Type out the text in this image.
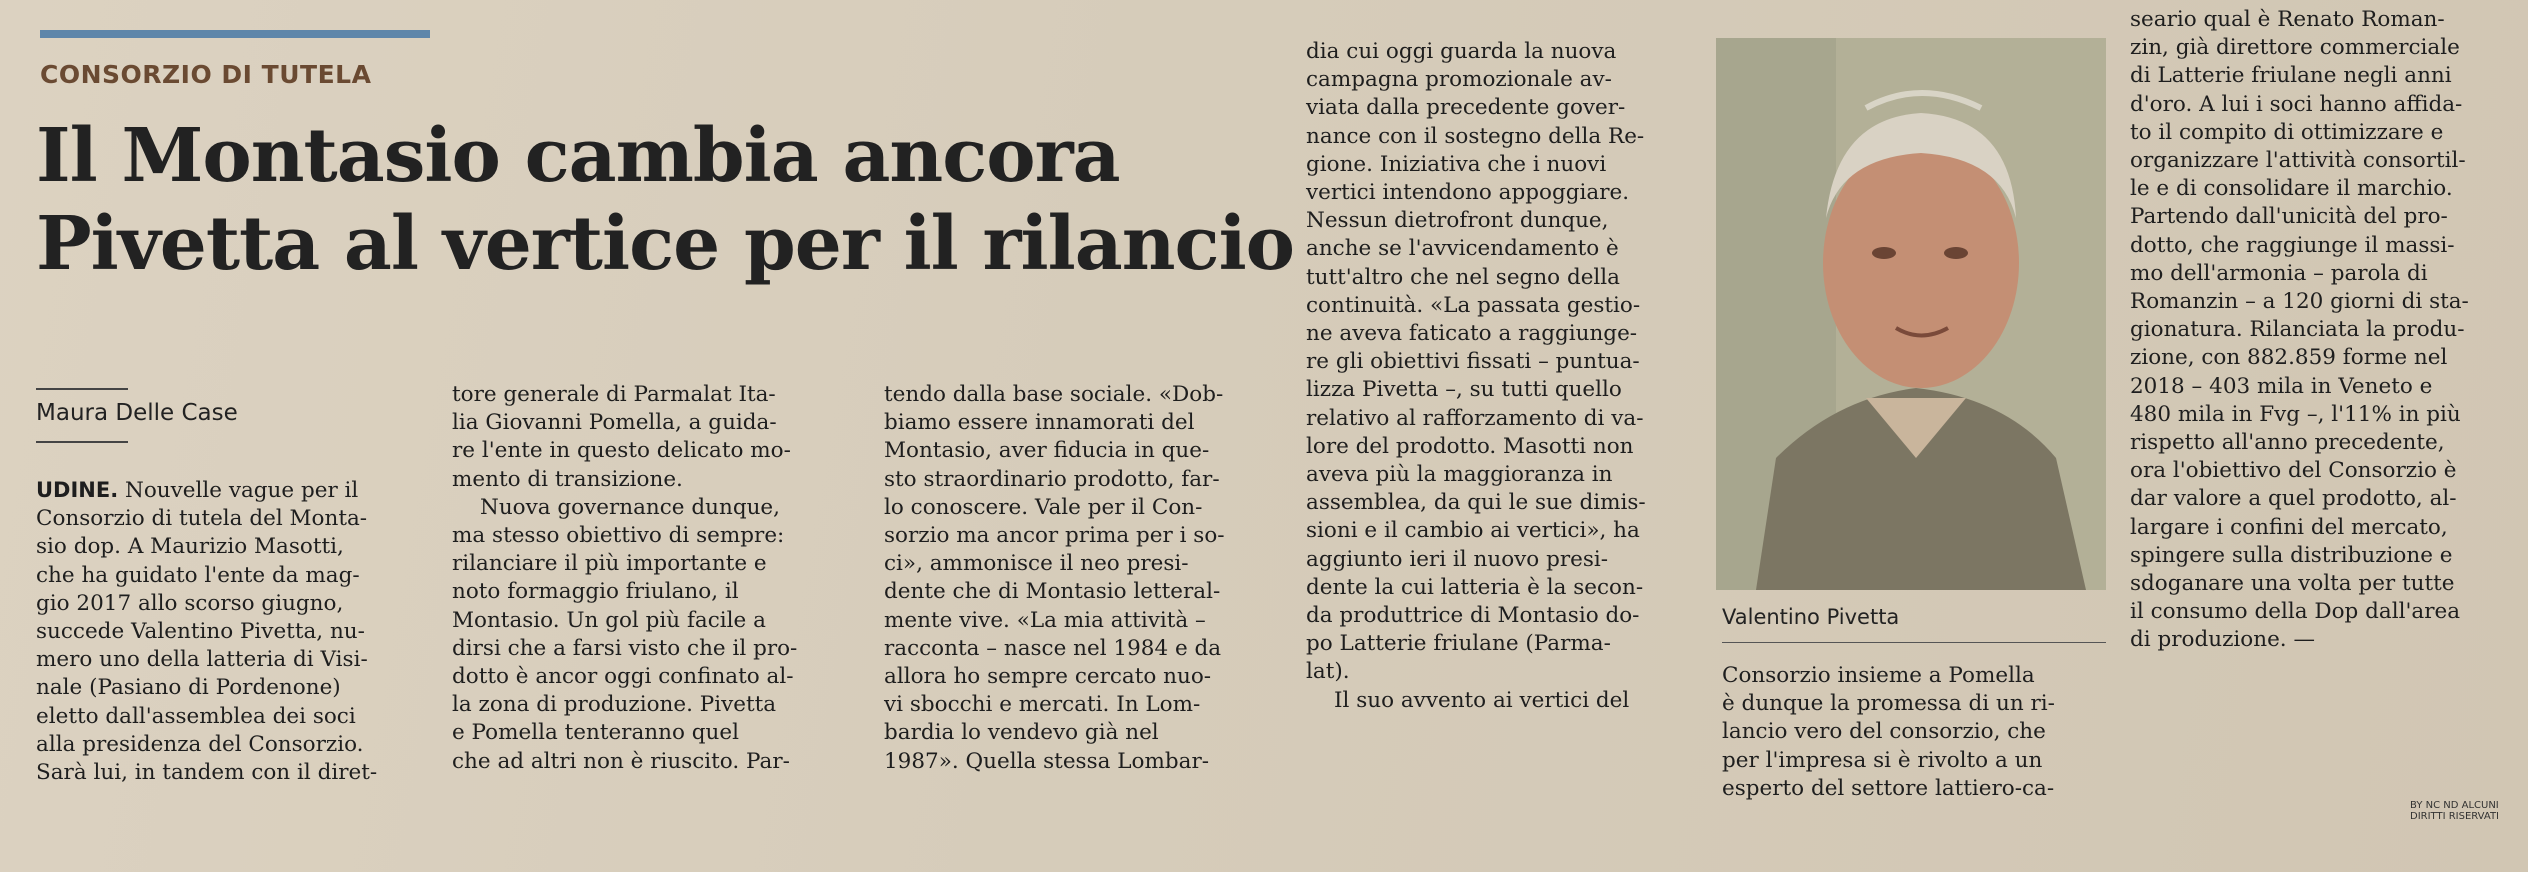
CONSORZIO DI TUTELA
Il Montasio cambia ancora
Pivetta al vertice per il rilancio
Maura Delle Case
UDINE. Nouvelle vague per il
Consorzio di tutela del Monta-
sio dop. A Maurizio Masotti,
che ha guidato l'ente da mag-
gio 2017 allo scorso giugno,
succede Valentino Pivetta, nu-
mero uno della latteria di Visi-
nale (Pasiano di Pordenone)
eletto dall'assemblea dei soci
alla presidenza del Consorzio.
Sarà lui, in tandem con il diret-
tore generale di Parmalat Ita-
lia Giovanni Pomella, a guida-
re l'ente in questo delicato mo-
mento di transizione.
Nuova governance dunque,
ma stesso obiettivo di sempre:
rilanciare il più importante e
noto formaggio friulano, il
Montasio. Un gol più facile a
dirsi che a farsi visto che il pro-
dotto è ancor oggi confinato al-
la zona di produzione. Pivetta
e Pomella tenteranno quel
che ad altri non è riuscito. Par-
tendo dalla base sociale. «Dob-
biamo essere innamorati del
Montasio, aver fiducia in que-
sto straordinario prodotto, far-
lo conoscere. Vale per il Con-
sorzio ma ancor prima per i so-
ci», ammonisce il neo presi-
dente che di Montasio letteral-
mente vive. «La mia attività –
racconta – nasce nel 1984 e da
allora ho sempre cercato nuo-
vi sbocchi e mercati. In Lom-
bardia lo vendevo già nel
1987». Quella stessa Lombar-
dia cui oggi guarda la nuova
campagna promozionale av-
viata dalla precedente gover-
nance con il sostegno della Re-
gione. Iniziativa che i nuovi
vertici intendono appoggiare.
Nessun dietrofront dunque,
anche se l'avvicendamento è
tutt'altro che nel segno della
continuità. «La passata gestio-
ne aveva faticato a raggiunge-
re gli obiettivi fissati – puntua-
lizza Pivetta –, su tutti quello
relativo al rafforzamento di va-
lore del prodotto. Masotti non
aveva più la maggioranza in
assemblea, da qui le sue dimis-
sioni e il cambio ai vertici», ha
aggiunto ieri il nuovo presi-
dente la cui latteria è la secon-
da produttrice di Montasio do-
po Latterie friulane (Parma-
lat).
Il suo avvento ai vertici del
Valentino Pivetta
Consorzio insieme a Pomella
è dunque la promessa di un ri-
lancio vero del consorzio, che
per l'impresa si è rivolto a un
esperto del settore lattiero-ca-
seario qual è Renato Roman-
zin, già direttore commerciale
di Latterie friulane negli anni
d'oro. A lui i soci hanno affida-
to il compito di ottimizzare e
organizzare l'attività consortil-
le e di consolidare il marchio.
Partendo dall'unicità del pro-
dotto, che raggiunge il massi-
mo dell'armonia – parola di
Romanzin – a 120 giorni di sta-
gionatura. Rilanciata la produ-
zione, con 882.859 forme nel
2018 – 403 mila in Veneto e
480 mila in Fvg –, l'11% in più
rispetto all'anno precedente,
ora l'obiettivo del Consorzio è
dar valore a quel prodotto, al-
largare i confini del mercato,
spingere sulla distribuzione e
sdoganare una volta per tutte
il consumo della Dop dall'area
di produzione. —
BY NC ND ALCUNI DIRITTI RISERVATI
